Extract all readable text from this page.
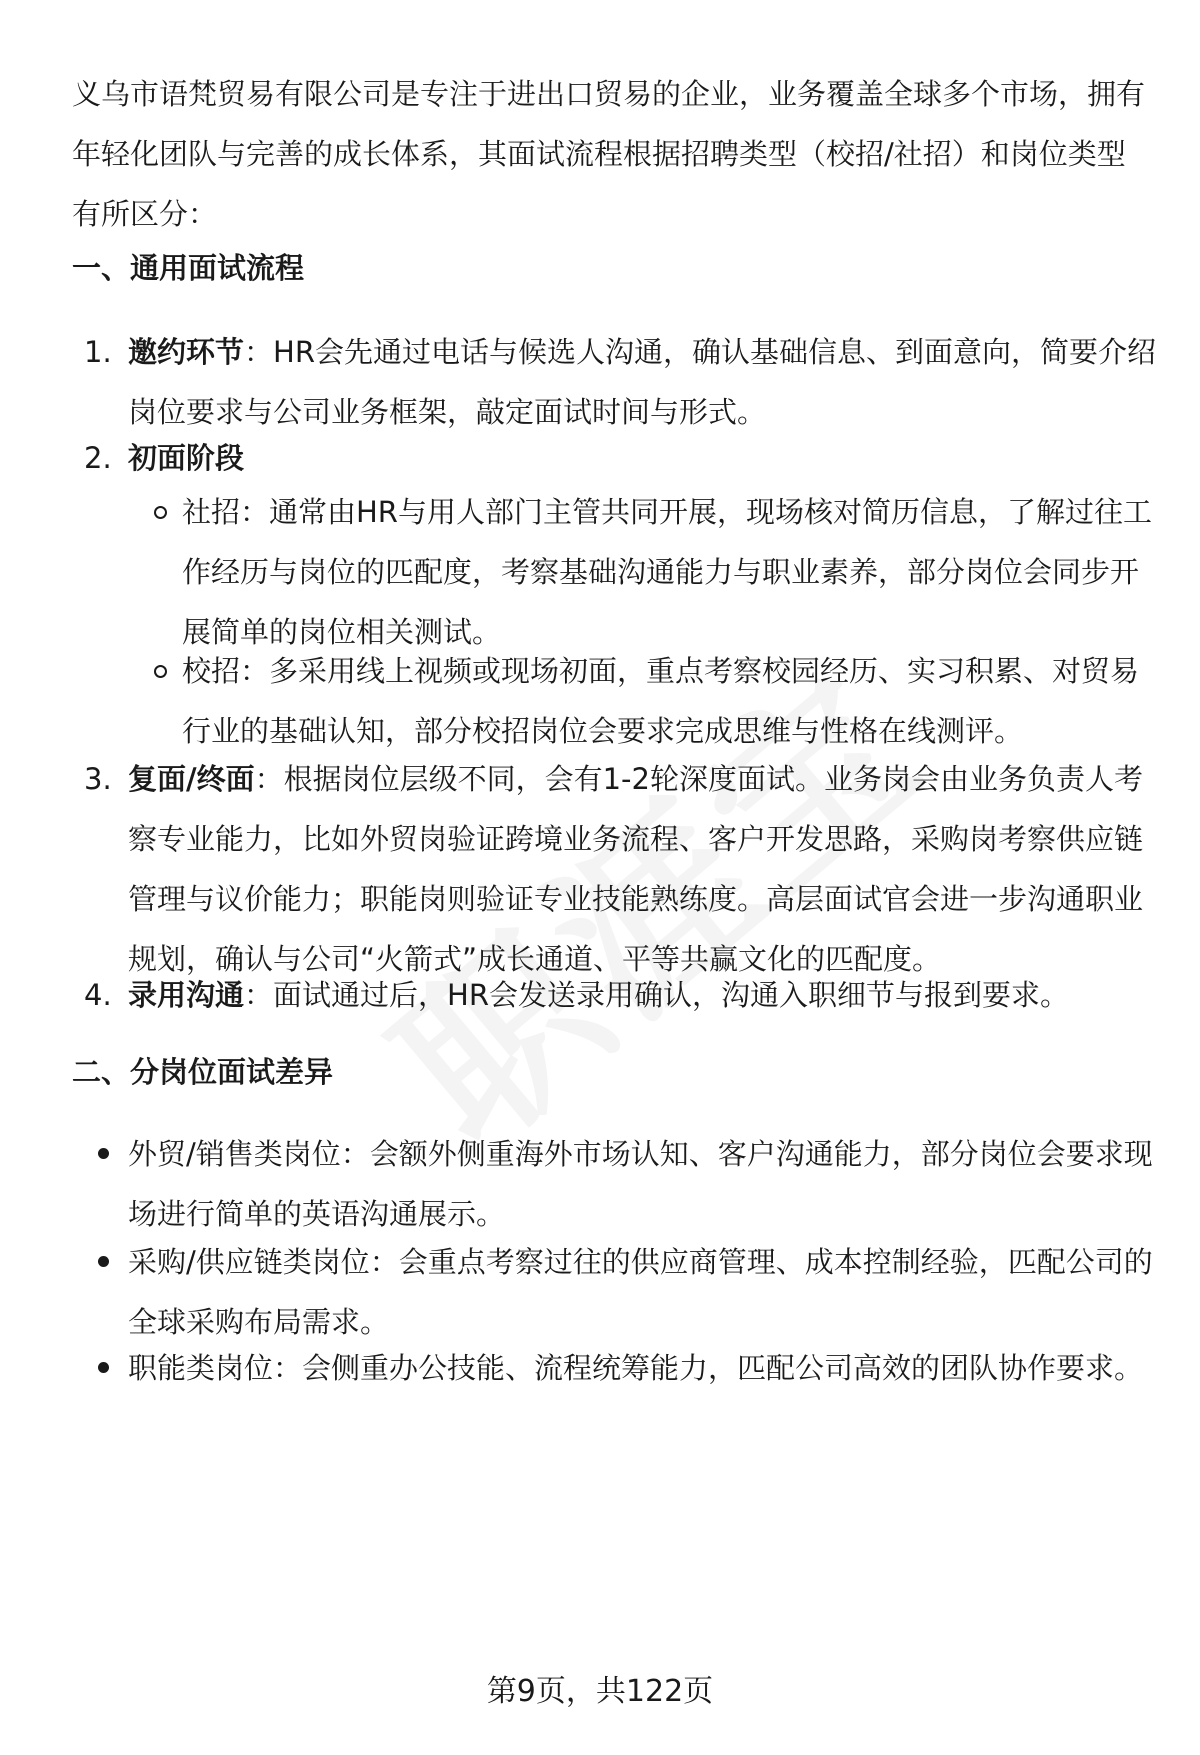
义乌市语梵贸易有限公司是专注于进出口贸易的企业，业务覆盖全球多个市场，拥有年轻化团队与完善的成长体系，其面试流程根据招聘类型（校招/社招）和岗位类型有所区分：
一、通用面试流程
1. 邀约环节：HR会先通过电话与候选人沟通，确认基础信息、到面意向，简要介绍岗位要求与公司业务框架，敲定面试时间与形式。
2. 初面阶段
社招：通常由HR与用人部门主管共同开展，现场核对简历信息，了解过往工作经历与岗位的匹配度，考察基础沟通能力与职业素养，部分岗位会同步开展简单的岗位相关测试。
校招：多采用线上视频或现场初面，重点考察校园经历、实习积累、对贸易行业的基础认知，部分校招岗位会要求完成思维与性格在线测评。
3. 复面/终面：根据岗位层级不同，会有1-2轮深度面试。业务岗会由业务负责人考察专业能力，比如外贸岗验证跨境业务流程、客户开发思路，采购岗考察供应链管理与议价能力；职能岗则验证专业技能熟练度。高层面试官会进一步沟通职业规划，确认与公司“火箭式”成长通道、平等共赢文化的匹配度。
4. 录用沟通：面试通过后，HR会发送录用确认，沟通入职细节与报到要求。
二、分岗位面试差异
外贸/销售类岗位：会额外侧重海外市场认知、客户沟通能力，部分岗位会要求现场进行简单的英语沟通展示。
采购/供应链类岗位：会重点考察过往的供应商管理、成本控制经验，匹配公司的全球采购布局需求。
职能类岗位：会侧重办公技能、流程统筹能力，匹配公司高效的团队协作要求。
第9页，共122页
